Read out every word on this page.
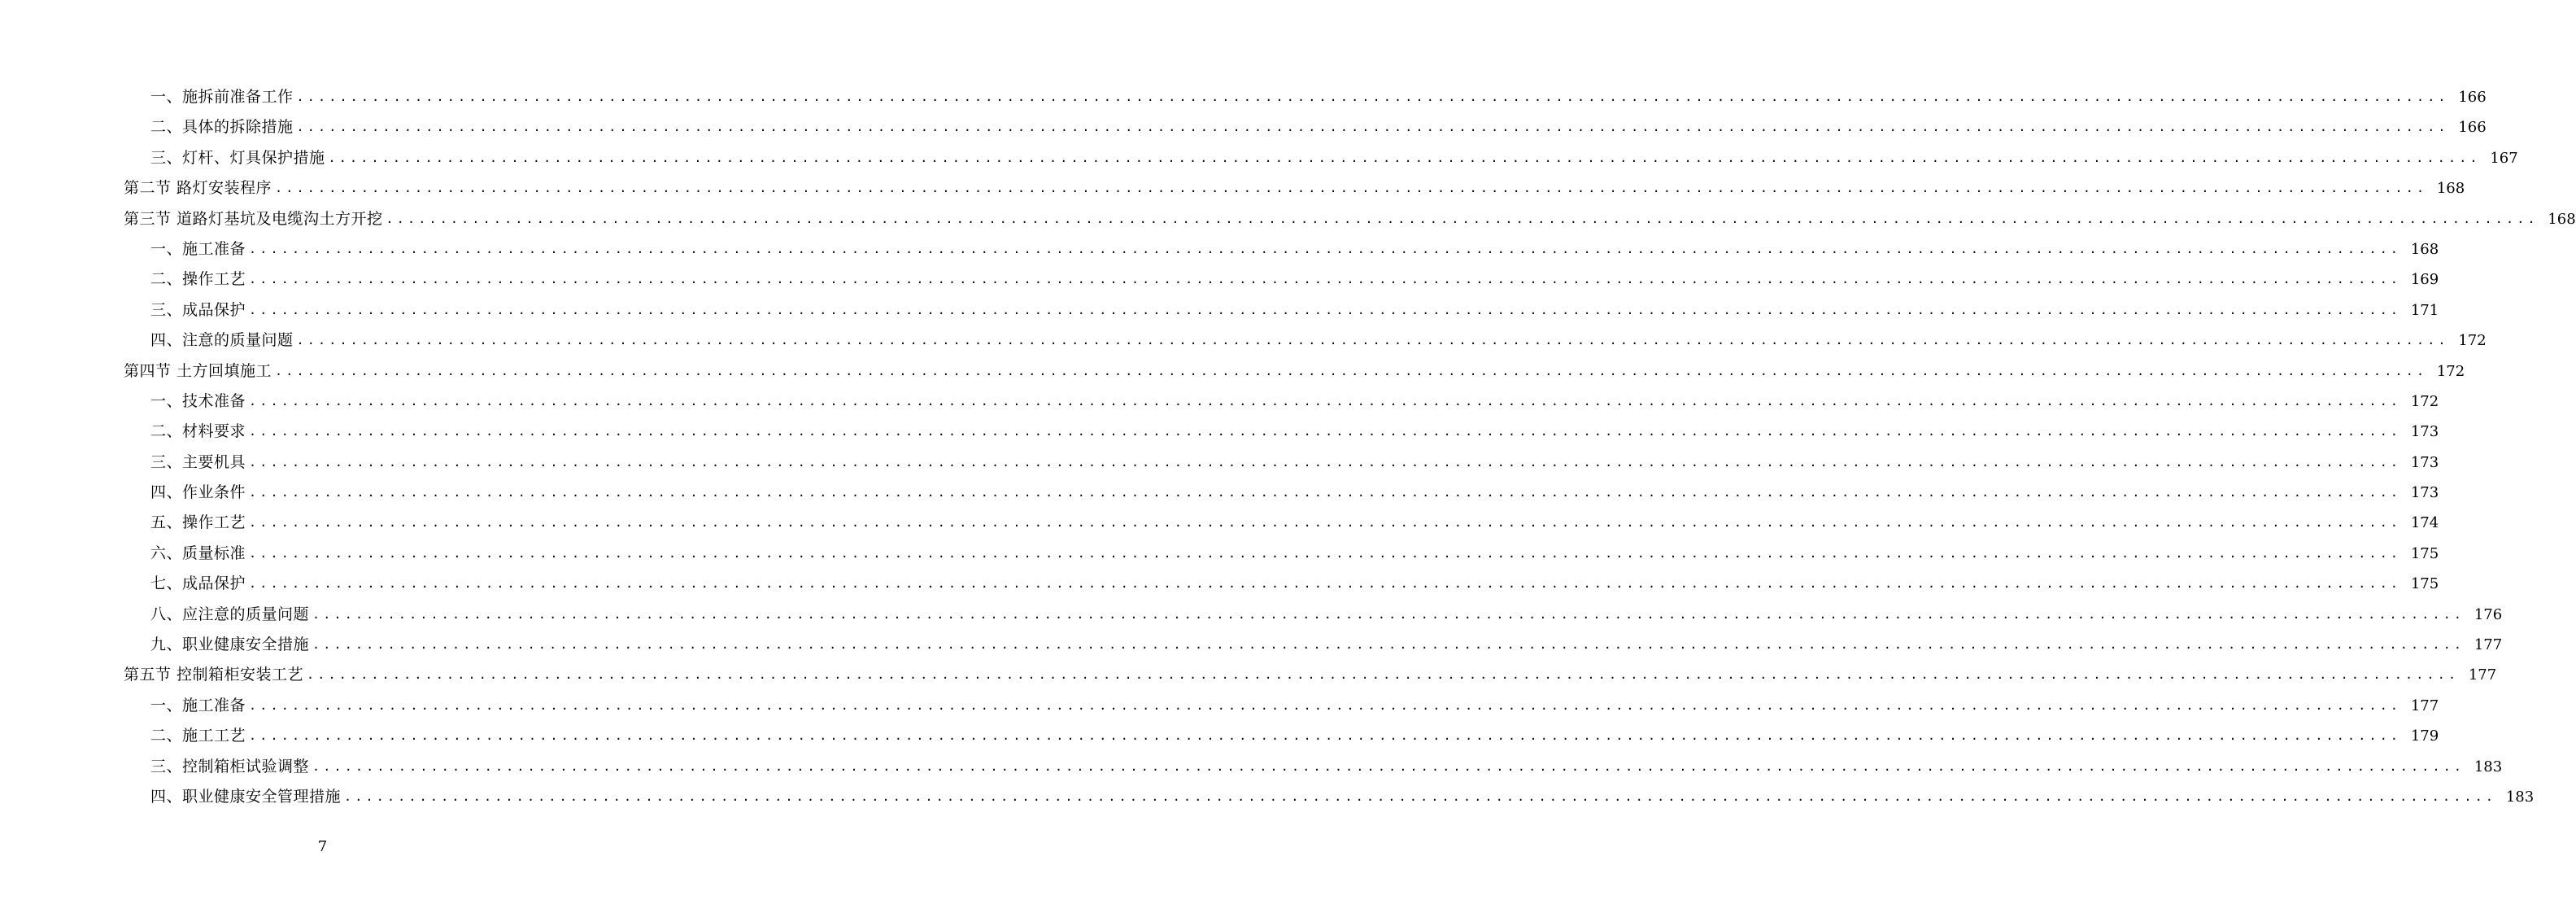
一、施拆前准备工作 ........................................................................................................................................................................................................ 166
二、具体的拆除措施 ........................................................................................................................................................................................................ 166
三、灯杆、灯具保护措施 ........................................................................................................................................................................................................ 167
第二节 路灯安装程序 ........................................................................................................................................................................................................ 168
第三节 道路灯基坑及电缆沟土方开挖 ........................................................................................................................................................................................................ 168
一、施工准备 ........................................................................................................................................................................................................ 168
二、操作工艺 ........................................................................................................................................................................................................ 169
三、成品保护 ........................................................................................................................................................................................................ 171
四、注意的质量问题 ........................................................................................................................................................................................................ 172
第四节 土方回填施工 ........................................................................................................................................................................................................ 172
一、技术准备 ........................................................................................................................................................................................................ 172
二、材料要求 ........................................................................................................................................................................................................ 173
三、主要机具 ........................................................................................................................................................................................................ 173
四、作业条件 ........................................................................................................................................................................................................ 173
五、操作工艺 ........................................................................................................................................................................................................ 174
六、质量标准 ........................................................................................................................................................................................................ 175
七、成品保护 ........................................................................................................................................................................................................ 175
八、应注意的质量问题 ........................................................................................................................................................................................................ 176
九、职业健康安全措施 ........................................................................................................................................................................................................ 177
第五节 控制箱柜安装工艺 ........................................................................................................................................................................................................ 177
一、施工准备 ........................................................................................................................................................................................................ 177
二、施工工艺 ........................................................................................................................................................................................................ 179
三、控制箱柜试验调整 ........................................................................................................................................................................................................ 183
四、职业健康安全管理措施 ........................................................................................................................................................................................................ 183
7
